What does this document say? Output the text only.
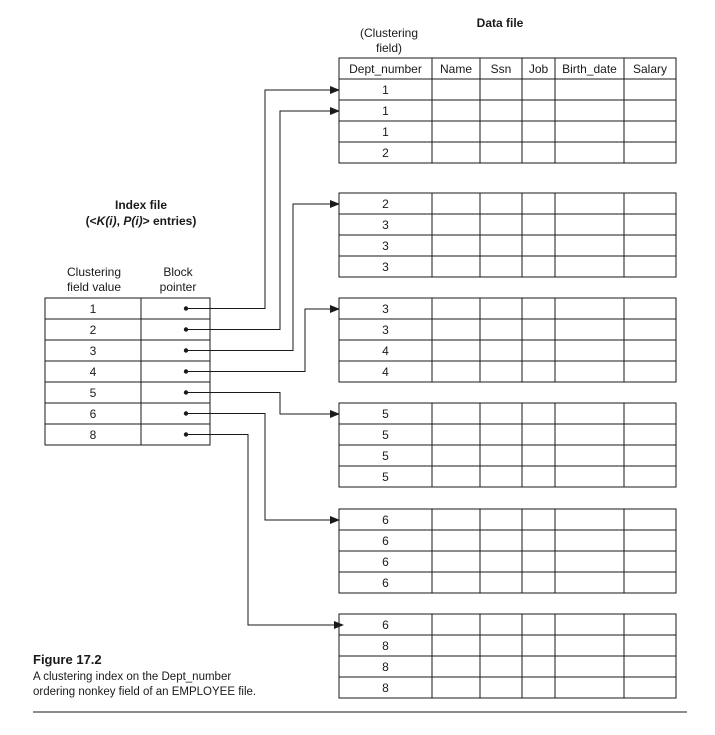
Data file
(Clustering
field)
Index file
(<K(i), P(i)> entries)
Clustering
field value
Block
pointer
Dept_number Name Ssn Job Birth_date Salary
1
1
1
2
2
3
3
3
3
3
4
4
5
5
5
5
6
6
6
6
6
8
8
8
1
2
3
4
5
6
8
Figure 17.2
A clustering index on the Dept_number
ordering nonkey field of an EMPLOYEE file.
